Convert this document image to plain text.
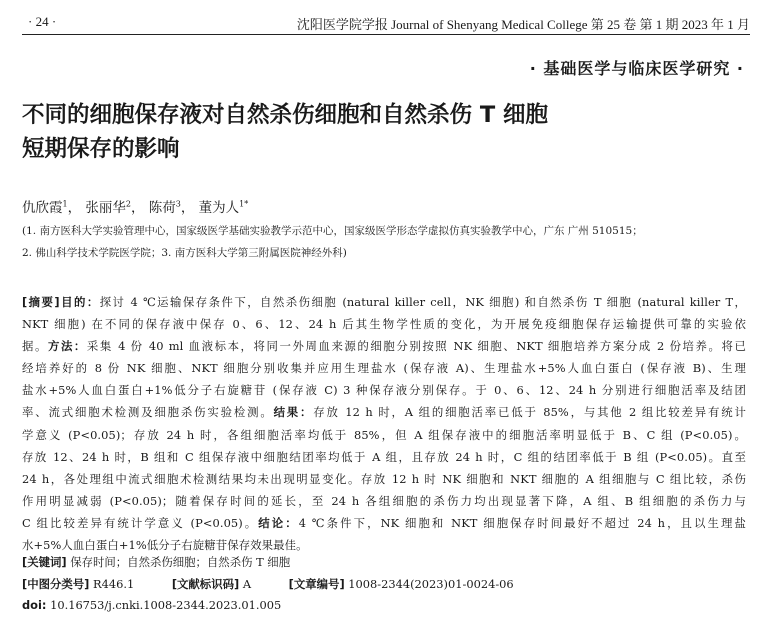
· 24 ·	沈阳医学院学报 Journal of Shenyang Medical College 第 25 卷 第 1 期 2023 年 1 月
· 基础医学与临床医学研究 ·
不同的细胞保存液对自然杀伤细胞和自然杀伤 T 细胞
短期保存的影响
仇欣霞$^1$， 张丽华$^2$， 陈荷$^3$， 董为人$^{1*}$
(1. 南方医科大学实验管理中心，国家级医学基础实验教学示范中心，国家级医学形态学虚拟仿真实验教学中心，广东 广州 510515；
2. 佛山科学技术学院医学院；3. 南方医科大学第三附属医院神经外科)
[摘要]目的：探讨 4 ℃运输保存条件下，自然杀伤细胞 (natural killer cell，NK 细胞) 和自然杀伤 T 细胞 (natural killer T，
NKT 细胞) 在不同的保存液中保存 0、6、12、24 h 后其生物学性质的变化，为开展免疫细胞保存运输提供可靠的实验依
据。方法：采集 4 份 40 ml 血液标本，将同一外周血来源的细胞分别按照 NK 细胞、NKT 细胞培养方案分成 2 份培养。将已
经培养好的 8 份 NK 细胞、NKT 细胞分别收集并应用生理盐水 (保存液 A)、生理盐水+5%人血白蛋白 (保存液 B)、生理
盐水+5%人血白蛋白+1%低分子右旋糖苷 (保存液 C) 3 种保存液分别保存。于 0、6、12、24 h 分别进行细胞活率及结团
率、流式细胞术检测及细胞杀伤实验检测。结果：存放 12 h 时，A 组的细胞活率已低于 85%，与其他 2 组比较差异有统计
学意义 (P<0.05)；存放 24 h 时，各组细胞活率均低于 85%，但 A 组保存液中的细胞活率明显低于 B、C 组 (P<0.05)。
存放 12、24 h 时，B 组和 C 组保存液中细胞结团率均低于 A 组，且存放 24 h 时，C 组的结团率低于 B 组 (P<0.05)。直至
24 h，各处理组中流式细胞术检测结果均未出现明显变化。存放 12 h 时 NK 细胞和 NKT 细胞的 A 组细胞与 C 组比较，杀伤
作用明显减弱 (P<0.05)；随着保存时间的延长，至 24 h 各组细胞的杀伤力均出现显著下降，A 组、B 组细胞的杀伤力与
C 组比较差异有统计学意义 (P<0.05)。结论：4 ℃条件下，NK 细胞和 NKT 细胞保存时间最好不超过 24 h，且以生理盐
水+5%人血白蛋白+1%低分子右旋糖苷保存效果最佳。
[关键词] 保存时间；自然杀伤细胞；自然杀伤 T 细胞
[中图分类号] R446.1	[文献标识码] A	[文章编号] 1008-2344(2023)01-0024-06
doi: 10.16753/j.cnki.1008-2344.2023.01.005
